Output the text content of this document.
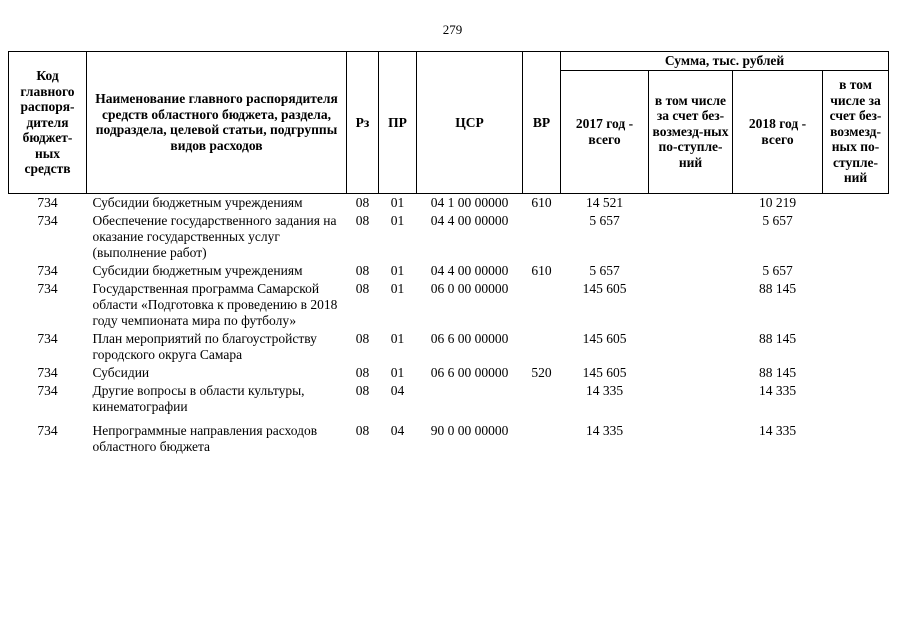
279
Код главного распоря-дителя бюджет-ных средств	Наименование главного распорядителя средств областного бюджета, раздела, подраздела, целевой статьи, подгруппы видов расходов	Рз	ПР	ЦСР	ВР	Сумма, тыс. рублей			
						2017 год - всего	в том числе за счет без-возмезд-ных по-ступле-ний	2018 год - всего	в том числе за счет без-возмезд-ных по-ступле-ний
734	Субсидии бюджетным учреждениям	08	01	04 1 00 00000	610	14 521		10 219	
734	Обеспечение государственного задания на оказание государственных услуг (выполнение работ)	08	01	04 4 00 00000		5 657		5 657	
734	Субсидии бюджетным учреждениям	08	01	04 4 00 00000	610	5 657		5 657	
734	Государственная программа Самарской области «Подготовка к проведению в 2018 году чемпионата мира по футболу»	08	01	06 0 00 00000		145 605		88 145	
734	План мероприятий по благоустройству городского округа Самара	08	01	06 6 00 00000		145 605		88 145	
734	Субсидии	08	01	06 6 00 00000	520	145 605		88 145	
734	Другие вопросы в области культуры, кинематографии	08	04			14 335		14 335	

734	Непрограммные направления расходов областного бюджета	08	04	90 0 00 00000		14 335		14 335	
